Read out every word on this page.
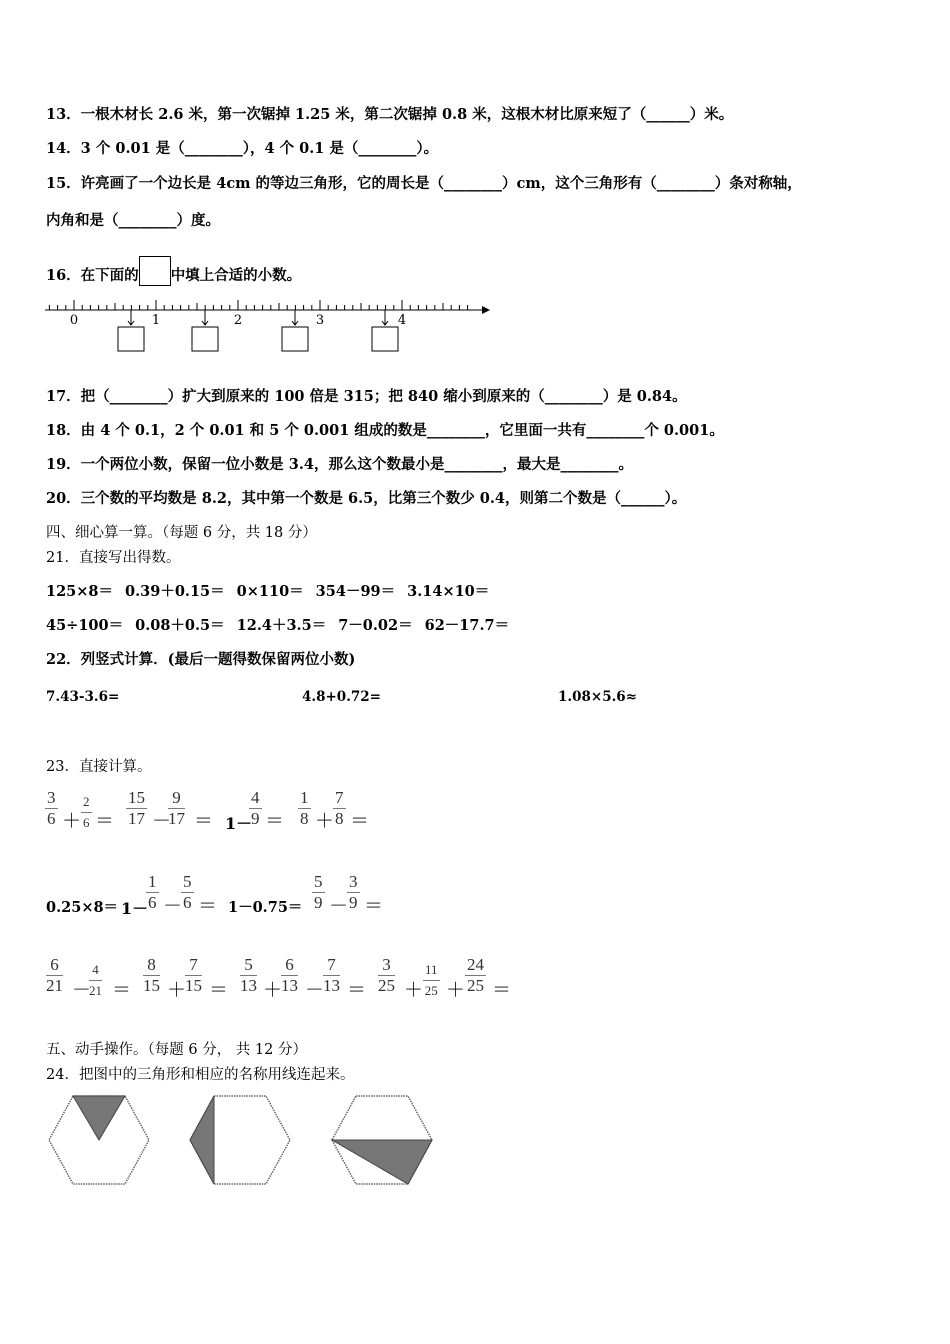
13．一根木材长 2.6 米，第一次锯掉 1.25 米，第二次锯掉 0.8 米，这根木材比原来短了（______）米。
14．3 个 0.01 是（________），4 个 0.1 是（________）。
15．许亮画了一个边长是 4cm 的等边三角形，它的周长是（________）cm，这个三角形有（________）条对称轴，
内角和是（________）度。
16．在下面的 中填上合适的小数。
0	1	2	3	4
17．把（________）扩大到原来的 100 倍是 315；把 840 缩小到原来的（________）是 0.84。
18．由 4 个 0.1，2 个 0.01 和 5 个 0.001 组成的数是________，它里面一共有________个 0.001。
19．一个两位小数，保留一位小数是 3.4，那么这个数最小是________，最大是________。
20．三个数的平均数是 8.2，其中第一个数是 6.5，比第三个数少 0.4，则第二个数是（______）。
四、细心算一算。（每题 6 分，共 18 分）
21．直接写出得数。
125×8＝ 0.39＋0.15＝ 0×110＝ 354－99＝ 3.14×10＝
45÷100＝ 0.08＋0.5＝ 12.4＋3.5＝ 7－0.02＝ 62－17.7＝
22．列竖式计算．(最后一题得数保留两位小数)
7.43-3.6=	4.8+0.72=	1.08×5.6≈
23．直接计算。
$\frac{3}{6} + \frac{2}{6} = \frac{15}{17}$ －
$\frac{9}{17} = 1-$
$\frac{4}{9} = \frac{1}{8}$ ＋
$\frac{7}{8}$ ＝
0.25×8＝ 1－
$\frac{1}{6}$ －
$\frac{5}{6} = 1-0.75= \frac{5}{9}$ －
$\frac{3}{9}$ ＝
$\frac{6}{21}$ －
$\frac{4}{21} = \frac{8}{15}$ ＋
$\frac{7}{15} = \frac{5}{13}$ ＋
$\frac{6}{13}$ －
$\frac{7}{13} = \frac{3}{25} + \frac{11}{25} + \frac{24}{25}$ ＝
五、动手操作。（每题 6 分， 共 12 分）
24．把图中的三角形和相应的名称用线连起来。
